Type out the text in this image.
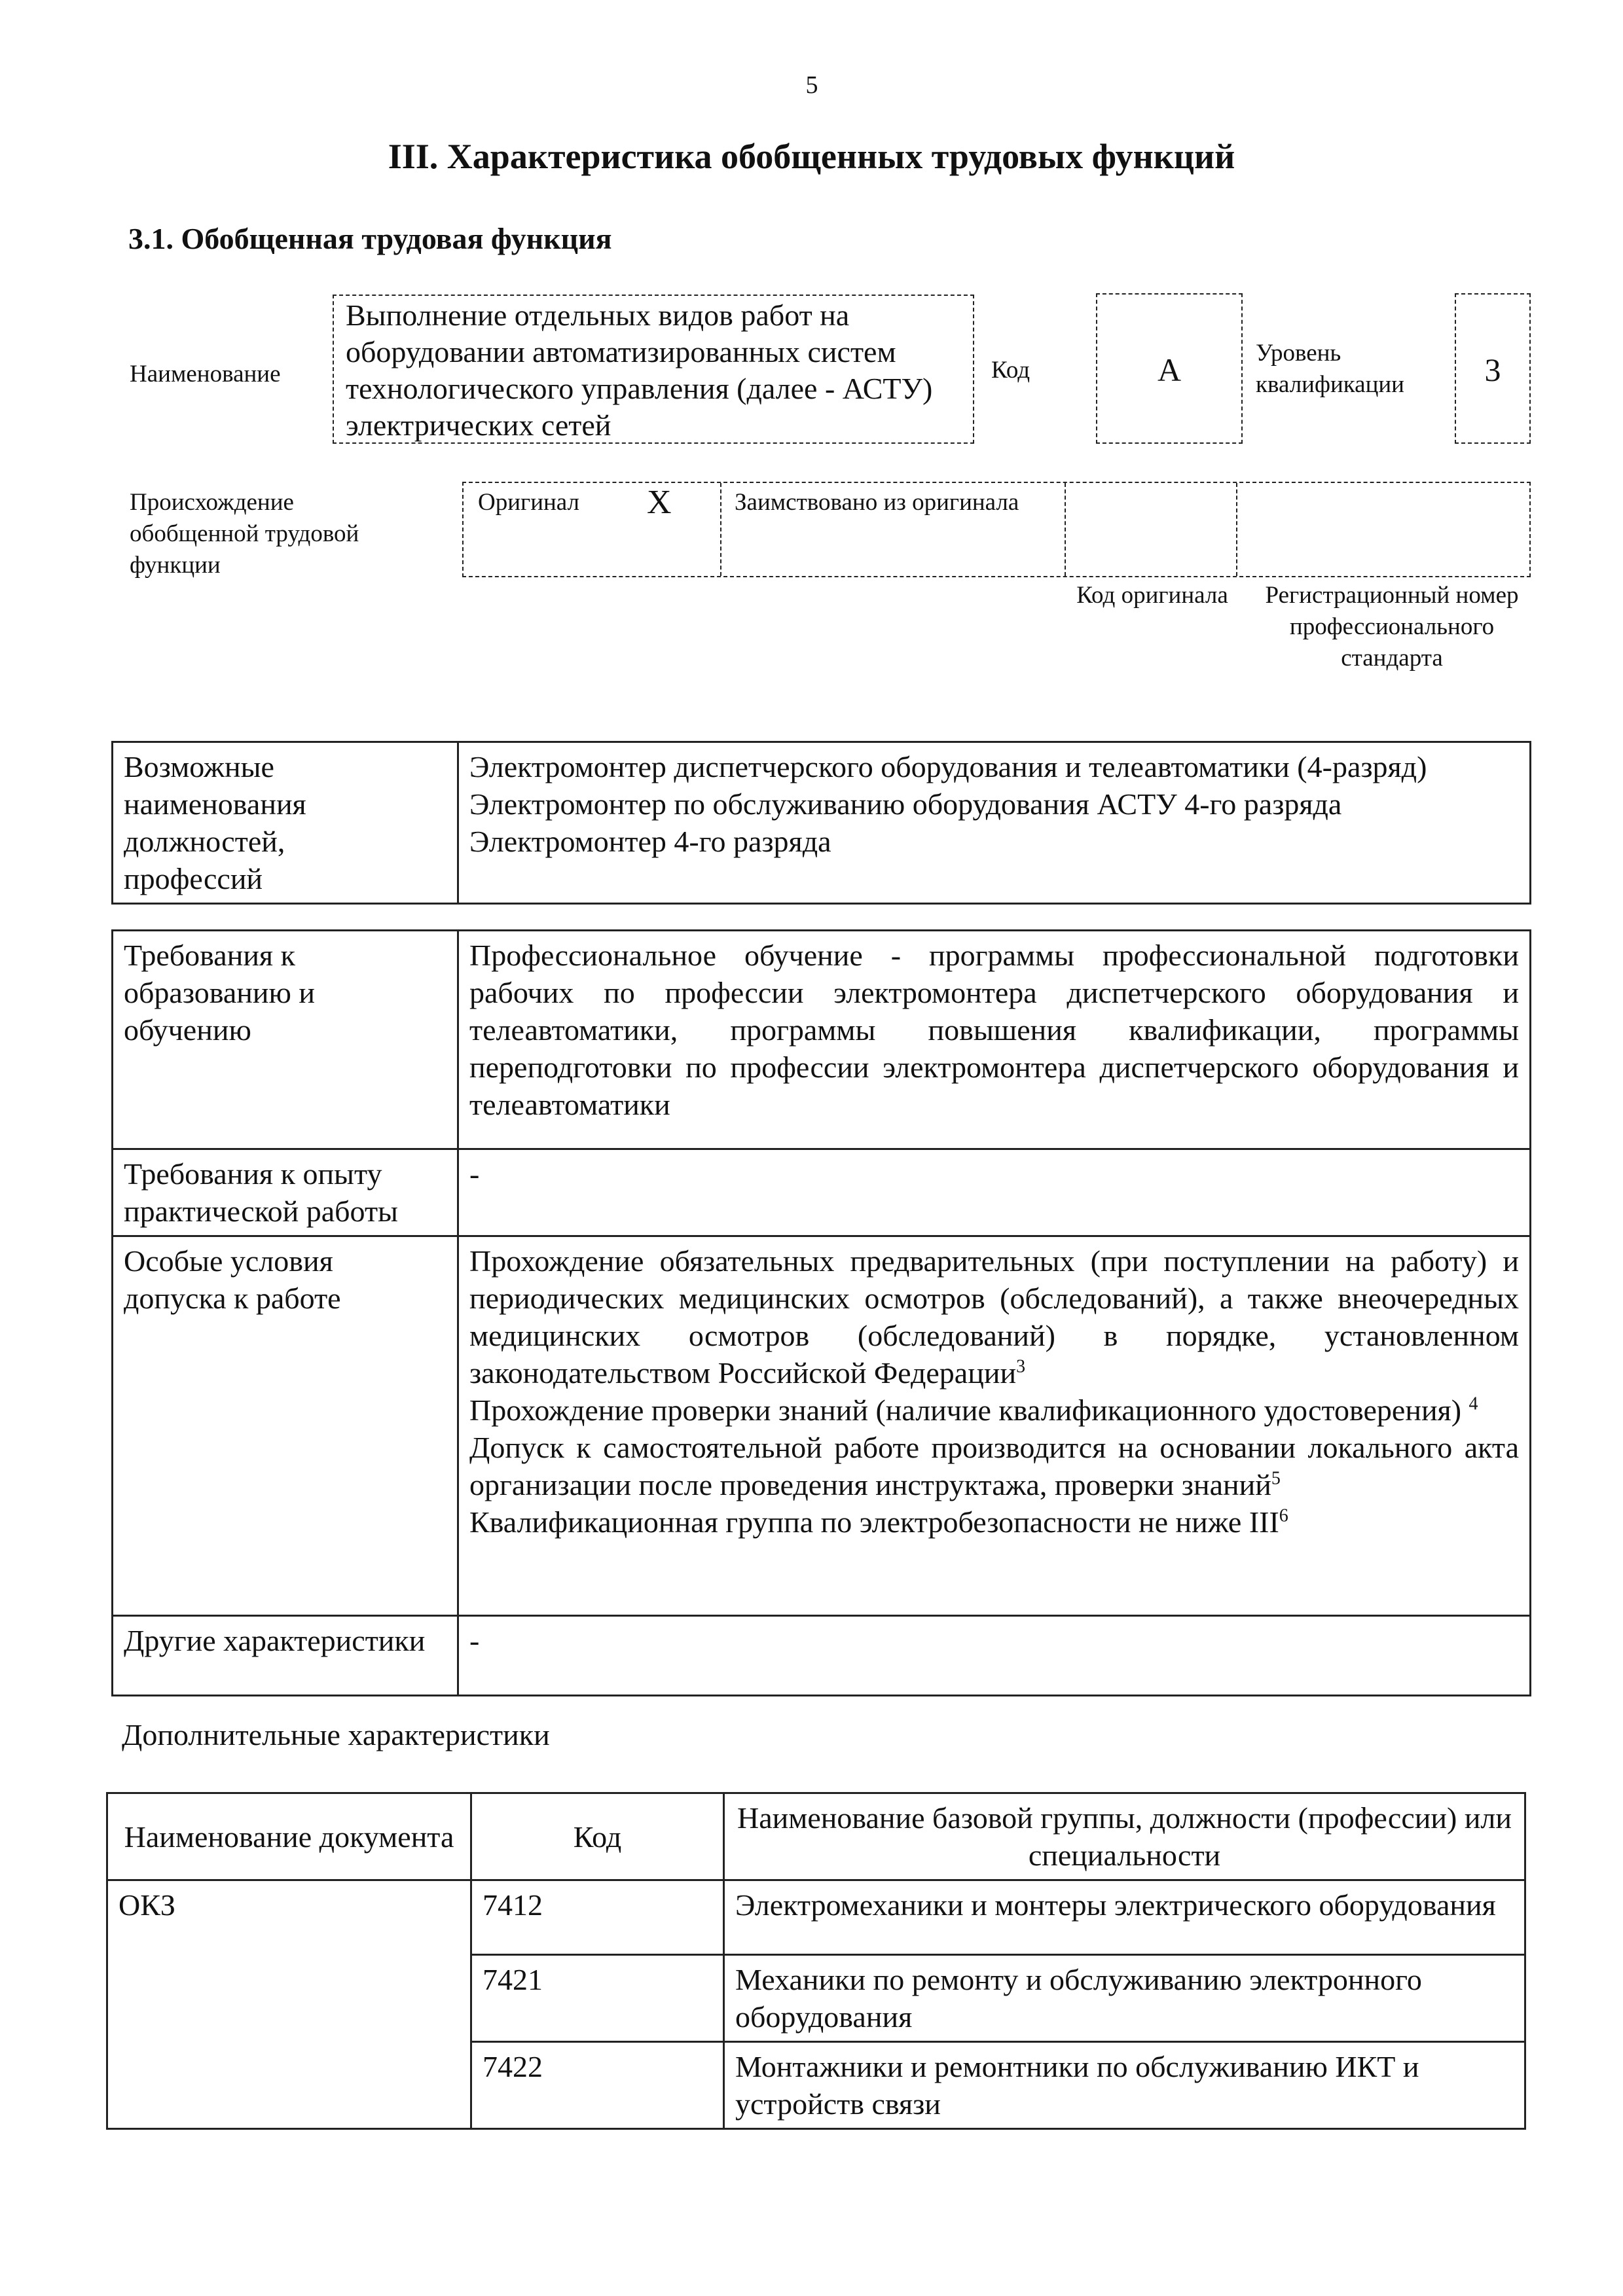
5
III. Характеристика обобщенных трудовых функций
3.1. Обобщенная трудовая функция
Наименование
Выполнение отдельных видов работ на оборудовании автоматизированных систем технологического управления (далее - АСТУ) электрических сетей
Код	A	Уровень квалификации	3
Происхождение обобщенной трудовой функции
Оригинал X	Заимствовано из оригинала
Код оригинала	Регистрационный номер профессионального стандарта
Возможные наименования должностей, профессий

Электромонтер диспетчерского оборудования и телеавтоматики (4-разряд)
Электромонтер по обслуживанию оборудования АСТУ 4-го разряда
Электромонтер 4-го разряда
Требования к образованию и обучению	Профессиональное обучение - программы профессиональной подготовки рабочих по профессии электромонтера диспетчерского оборудования и телеавтоматики, программы повышения квалификации, программы переподготовки по профессии электромонтера диспетчерского оборудования и телеавтоматики

Требования к опыту практической работы	-

Особые условия допуска к работе	Прохождение обязательных предварительных (при поступлении на работу) и периодических медицинских осмотров (обследований), а также внеочередных медицинских осмотров (обследований) в порядке, установленном законодательством Российской Федерации$^3$
Прохождение проверки знаний (наличие квалификационного удостоверения) $^4$
Допуск к самостоятельной работе производится на основании локального акта организации после проведения инструктажа, проверки знаний$^5$
Квалификационная группа по электробезопасности не ниже III$^6$

Другие характеристики	-
Дополнительные характеристики
Наименование документа	Код	Наименование базовой группы, должности (профессии) или специальности
ОКЗ	7412	Электромеханики и монтеры электрического оборудования
	7421	Механики по ремонту и обслуживанию электронного оборудования
	7422	Монтажники и ремонтники по обслуживанию ИКТ и устройств связи
